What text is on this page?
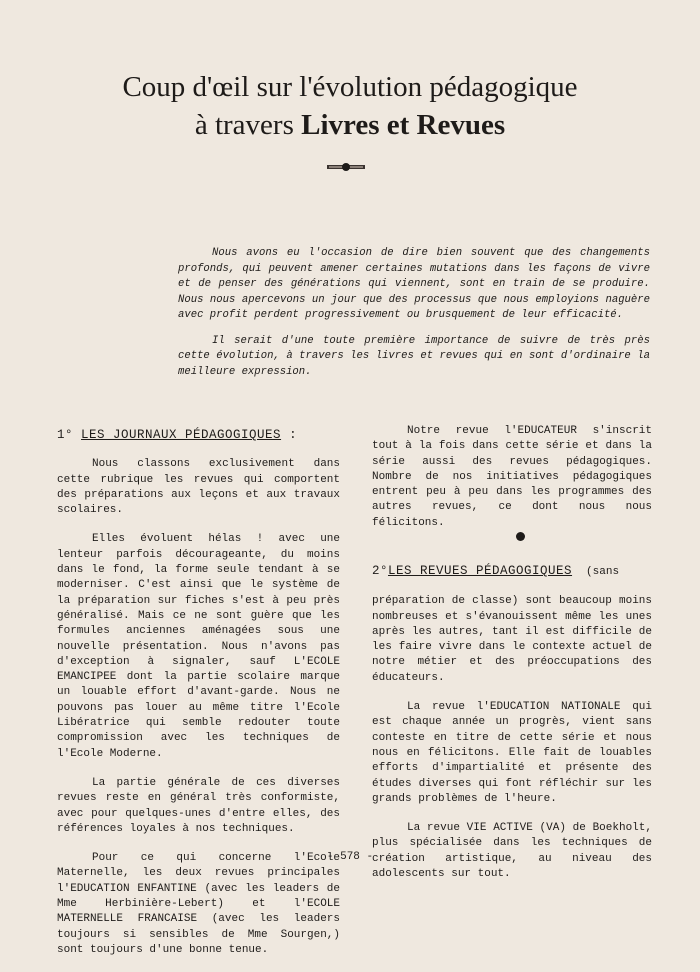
Coup d'œil sur l'évolution pédagogique
à travers Livres et Revues

Nous avons eu l'occasion de dire bien souvent que des changements profonds, qui peuvent amener certaines mutations dans les façons de vivre et de penser des générations qui viennent, sont en train de se produire. Nous nous apercevons un jour que des processus que nous employions naguère avec profit perdent progressivement ou brusquement de leur efficacité.

Il serait d'une toute première importance de suivre de très près cette évolution, à travers les livres et revues qui en sont d'ordinaire la meilleure expression.

1° LES JOURNAUX PÉDAGOGIQUES :

Nous classons exclusivement dans cette rubrique les revues qui comportent des préparations aux leçons et aux travaux scolaires.

Elles évoluent hélas ! avec une lenteur parfois décourageante, du moins dans le fond, la forme seule tendant à se moderniser. C'est ainsi que le système de la préparation sur fiches s'est à peu près généralisé. Mais ce ne sont guère que les formules anciennes aménagées sous une nouvelle présentation. Nous n'avons pas d'exception à signaler, sauf L'ECOLE EMANCIPEE dont la partie scolaire marque un louable effort d'avant-garde. Nous ne pouvons pas louer au même titre l'Ecole Libératrice qui semble redouter toute compromission avec les techniques de l'Ecole Moderne.

La partie générale de ces diverses revues reste en général très conformiste, avec pour quelques-unes d'entre elles, des références loyales à nos techniques.

Pour ce qui concerne l'Ecole Maternelle, les deux revues principales l'EDUCATION ENFANTINE (avec les leaders de Mme Herbinière-Lebert) et l'ECOLE MATERNELLE FRANCAISE (avec les leaders toujours si sensibles de Mme Sourgen,) sont toujours d'une bonne tenue.

Notre revue l'EDUCATEUR s'inscrit tout à la fois dans cette série et dans la série aussi des revues pédagogiques. Nombre de nos initiatives pédagogiques entrent peu à peu dans les programmes des autres revues, ce dont nous nous félicitons.

2°LES REVUES PÉDAGOGIQUES (sans

préparation de classe) sont beaucoup moins nombreuses et s'évanouissent même les unes après les autres, tant il est difficile de les faire vivre dans le contexte actuel de notre métier et des préoccupations des éducateurs.

La revue l'EDUCATION NATIONALE qui est chaque année un progrès, vient sans conteste en titre de cette série et nous nous en félicitons. Elle fait de louables efforts d'impartialité et présente des études diverses qui font réfléchir sur les grands problèmes de l'heure.

La revue VIE ACTIVE (VA) de Boekholt, plus spécialisée dans les techniques de création artistique, au niveau des adolescents sur tout.

- 578 -
